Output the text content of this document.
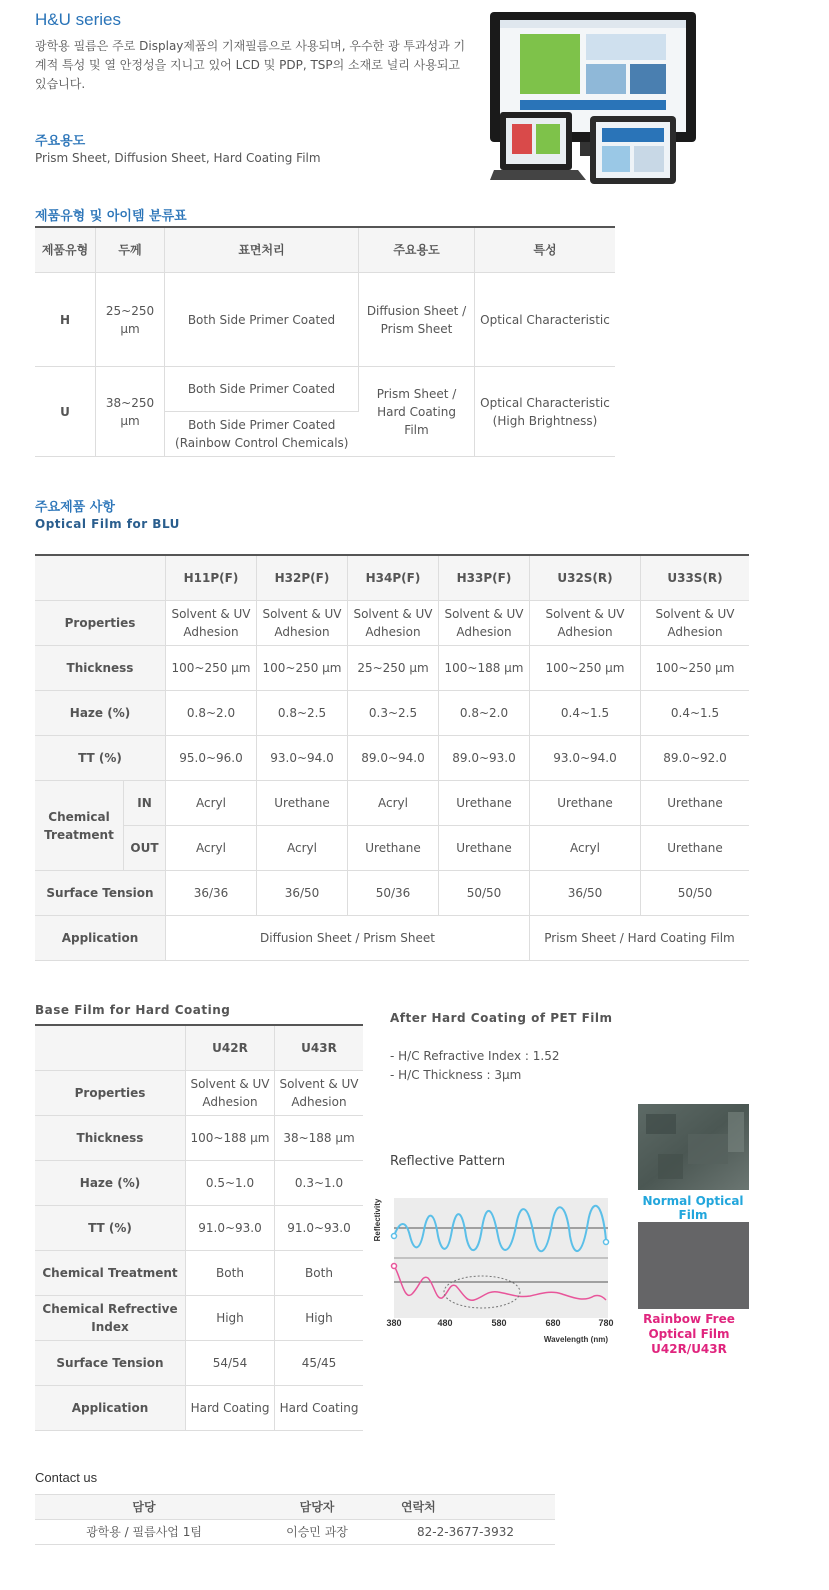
H&U series
광학용 필름은 주로 Display제품의 기재필름으로 사용되며, 우수한 광 투과성과 기계적 특성 및 열 안정성을 지니고 있어 LCD 및 PDP, TSP의 소재로 널리 사용되고 있습니다.
주요용도
Prism Sheet, Diffusion Sheet, Hard Coating Film
제품유형 및 아이템 분류표
제품유형	두께	표면처리	주요용도	특성
H	25~250 μm	Both Side Primer Coated	Diffusion Sheet / Prism Sheet	Optical Characteristic
U	38~250 μm	Both Side Primer Coated	Prism Sheet / Hard Coating Film	Optical Characteristic (High Brightness)
		Both Side Primer Coated (Rainbow Control Chemicals)		
주요제품 사항
Optical Film for BLU
		H11P(F)	H32P(F)	H34P(F)	H33P(F)	U32S(R)	U33S(R)
Properties		Solvent & UV Adhesion	Solvent & UV Adhesion	Solvent & UV Adhesion	Solvent & UV Adhesion	Solvent & UV Adhesion	Solvent & UV Adhesion
Thickness		100~250 μm	100~250 μm	25~250 μm	100~188 μm	100~250 μm	100~250 μm
Haze (%)		0.8~2.0	0.8~2.5	0.3~2.5	0.8~2.0	0.4~1.5	0.4~1.5
TT (%)		95.0~96.0	93.0~94.0	89.0~94.0	89.0~93.0	93.0~94.0	89.0~92.0
Chemical Treatment	IN	Acryl	Urethane	Acryl	Urethane	Urethane	Urethane
	OUT	Acryl	Acryl	Urethane	Urethane	Acryl	Urethane
Surface Tension		36/36	36/50	50/36	50/50	36/50	50/50
Application		Diffusion Sheet / Prism Sheet				Prism Sheet / Hard Coating Film	
Base Film for Hard Coating
	U42R	U43R
Properties	Solvent & UV Adhesion	Solvent & UV Adhesion
Thickness	100~188 μm	38~188 μm
Haze (%)	0.5~1.0	0.3~1.0
TT (%)	91.0~93.0	91.0~93.0
Chemical Treatment	Both	Both
Chemical Refrective Index	High	High
Surface Tension	54/54	45/45
Application	Hard Coating	Hard Coating
After Hard Coating of PET Film
- H/C Refractive Index : 1.52
- H/C Thickness : 3μm
Reflective Pattern
Reflectivity
380	480	580	680	780
Wavelength (nm)
Normal Optical Film
Rainbow Free Optical Film U42R/U43R
Contact us
담당	담당자	연락처
광학용 / 필름사업 1팀	이승민 과장	82-2-3677-3932
